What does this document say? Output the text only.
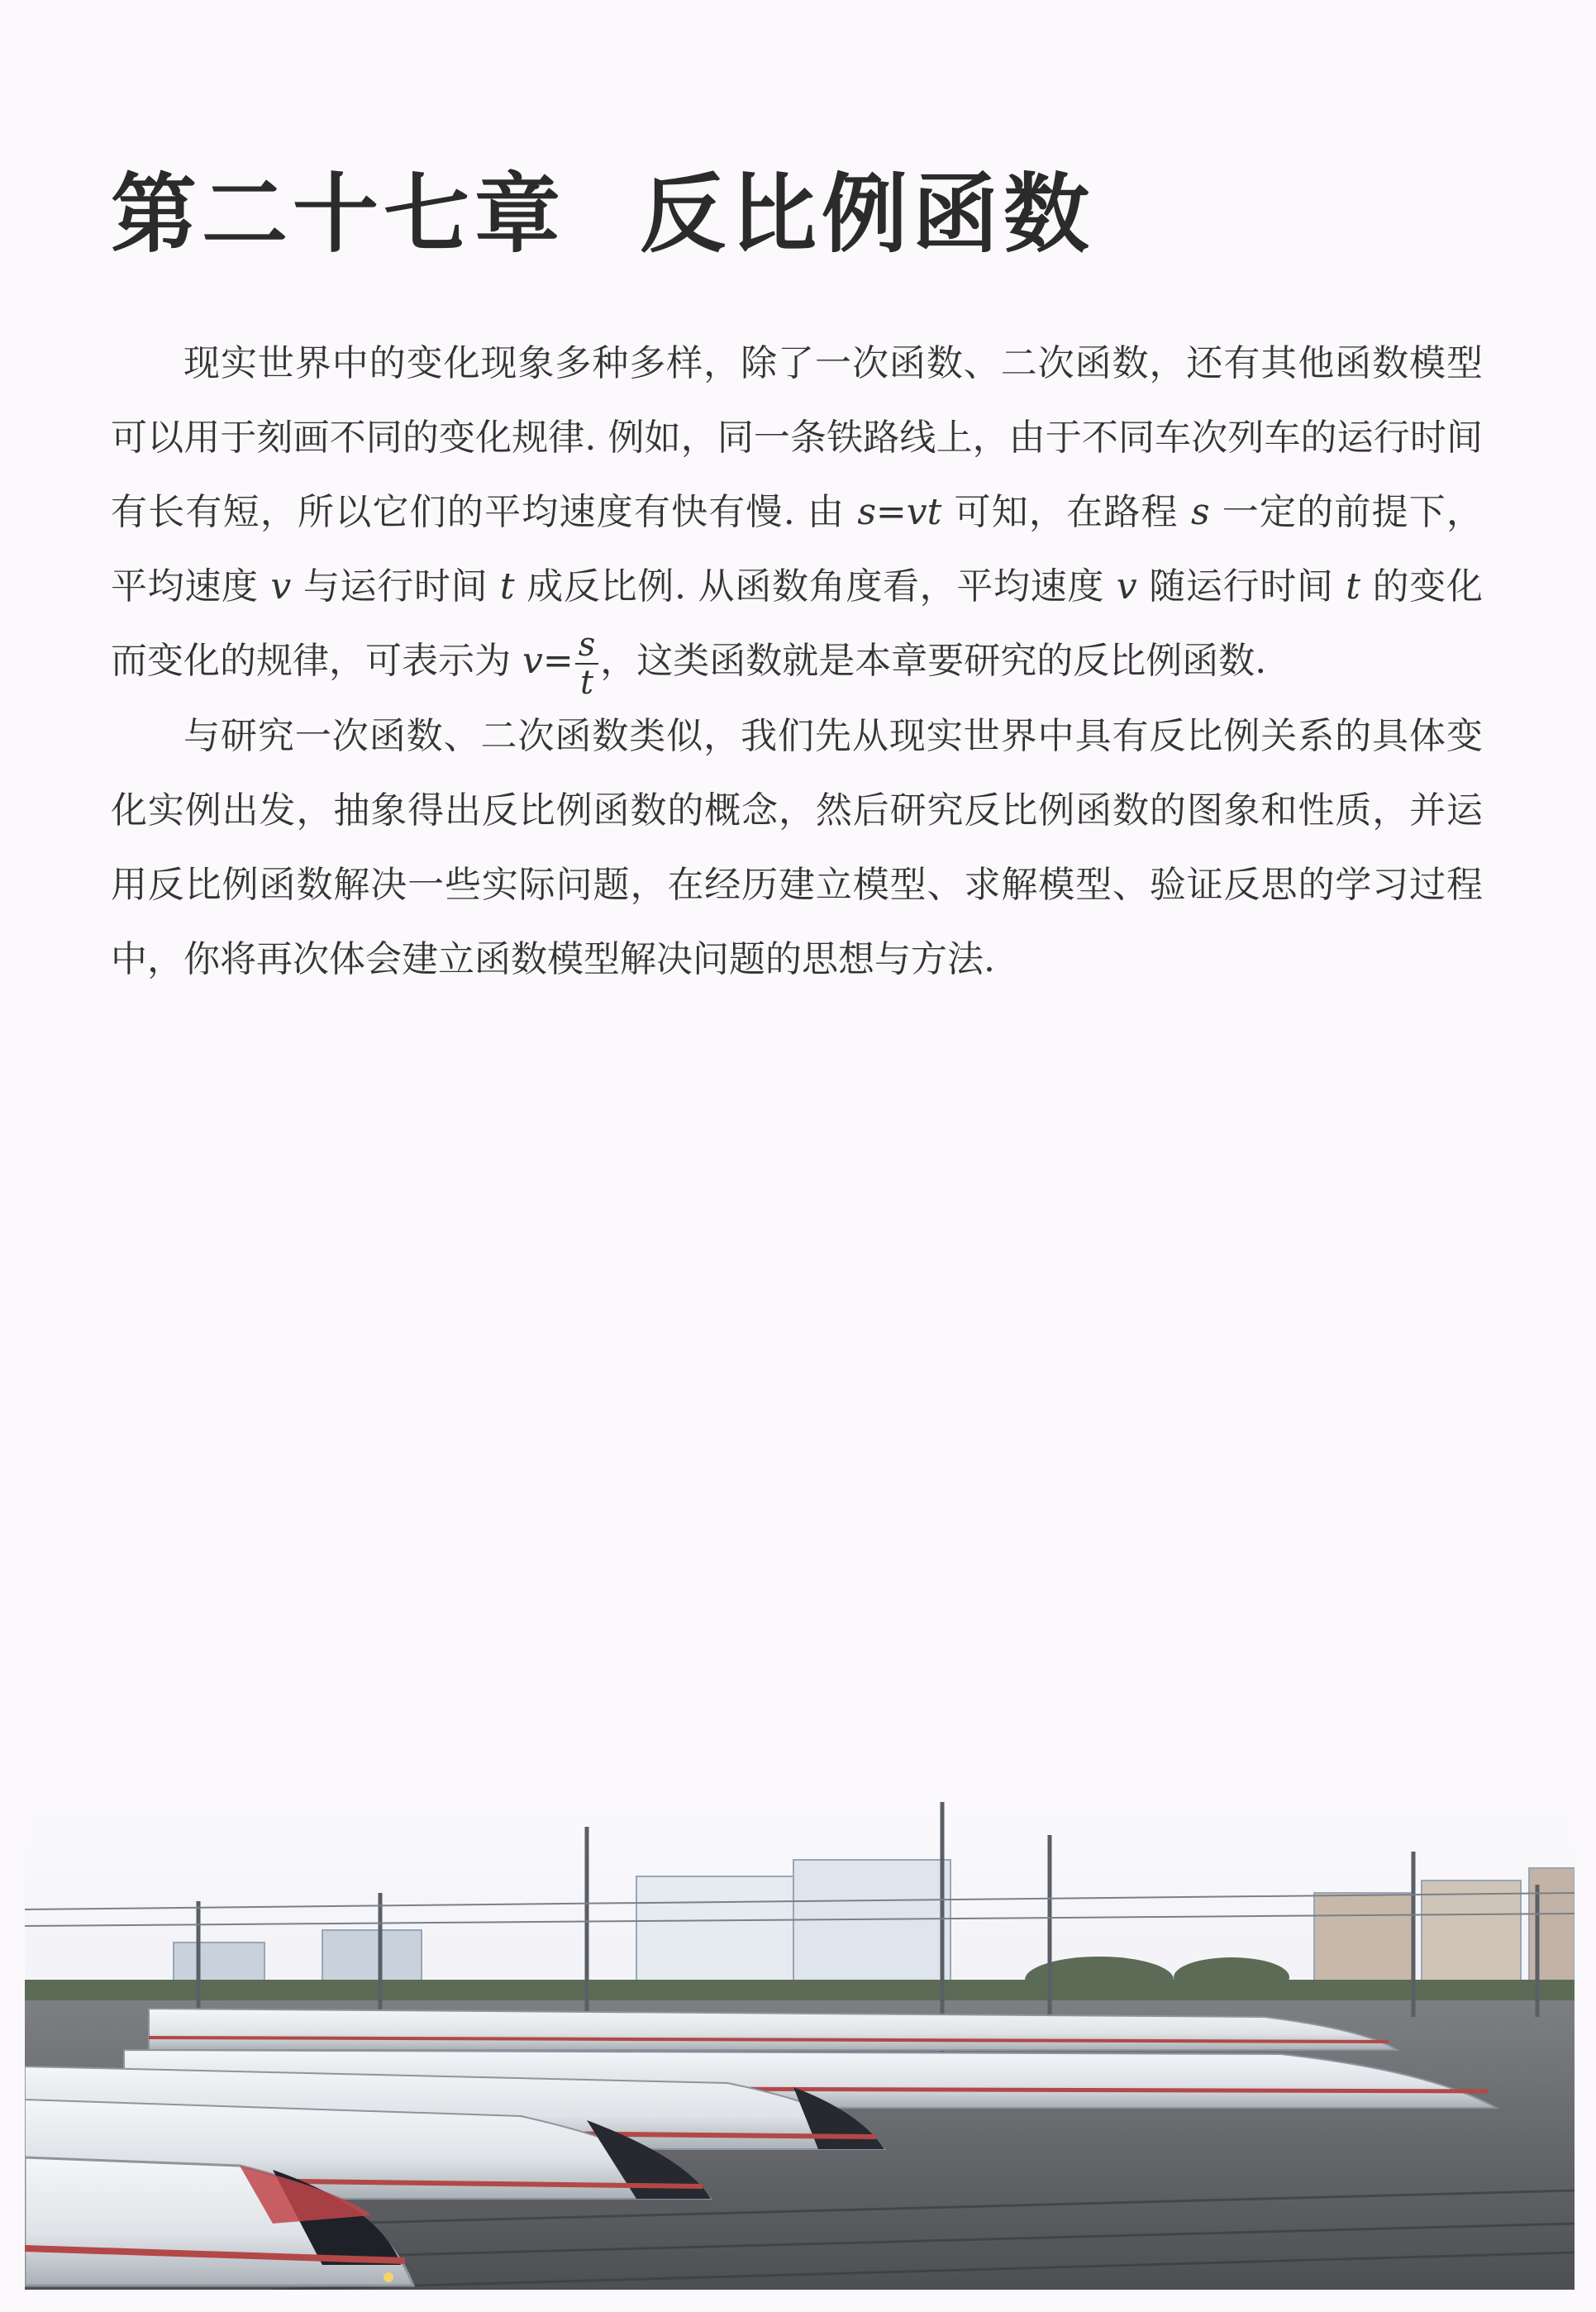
第二十七章 反比例函数

现实世界中的变化现象多种多样，除了一次函数、二次函数，还有其他函数模型可以用于刻画不同的变化规律. 例如，同一条铁路线上，由于不同车次列车的运行时间有长有短，所以它们的平均速度有快有慢. 由 s=vt 可知，在路程 s 一定的前提下，平均速度 v 与运行时间 t 成反比例. 从函数角度看，平均速度 v 随运行时间 t 的变化而变化的规律，可表示为 $v= \frac{s}{t}$ ，这类函数就是本章要研究的反比例函数.

与研究一次函数、二次函数类似，我们先从现实世界中具有反比例关系的具体变化实例出发，抽象得出反比例函数的概念，然后研究反比例函数的图象和性质，并运用反比例函数解决一些实际问题，在经历建立模型、求解模型、验证反思的学习过程中，你将再次体会建立函数模型解决问题的思想与方法.
